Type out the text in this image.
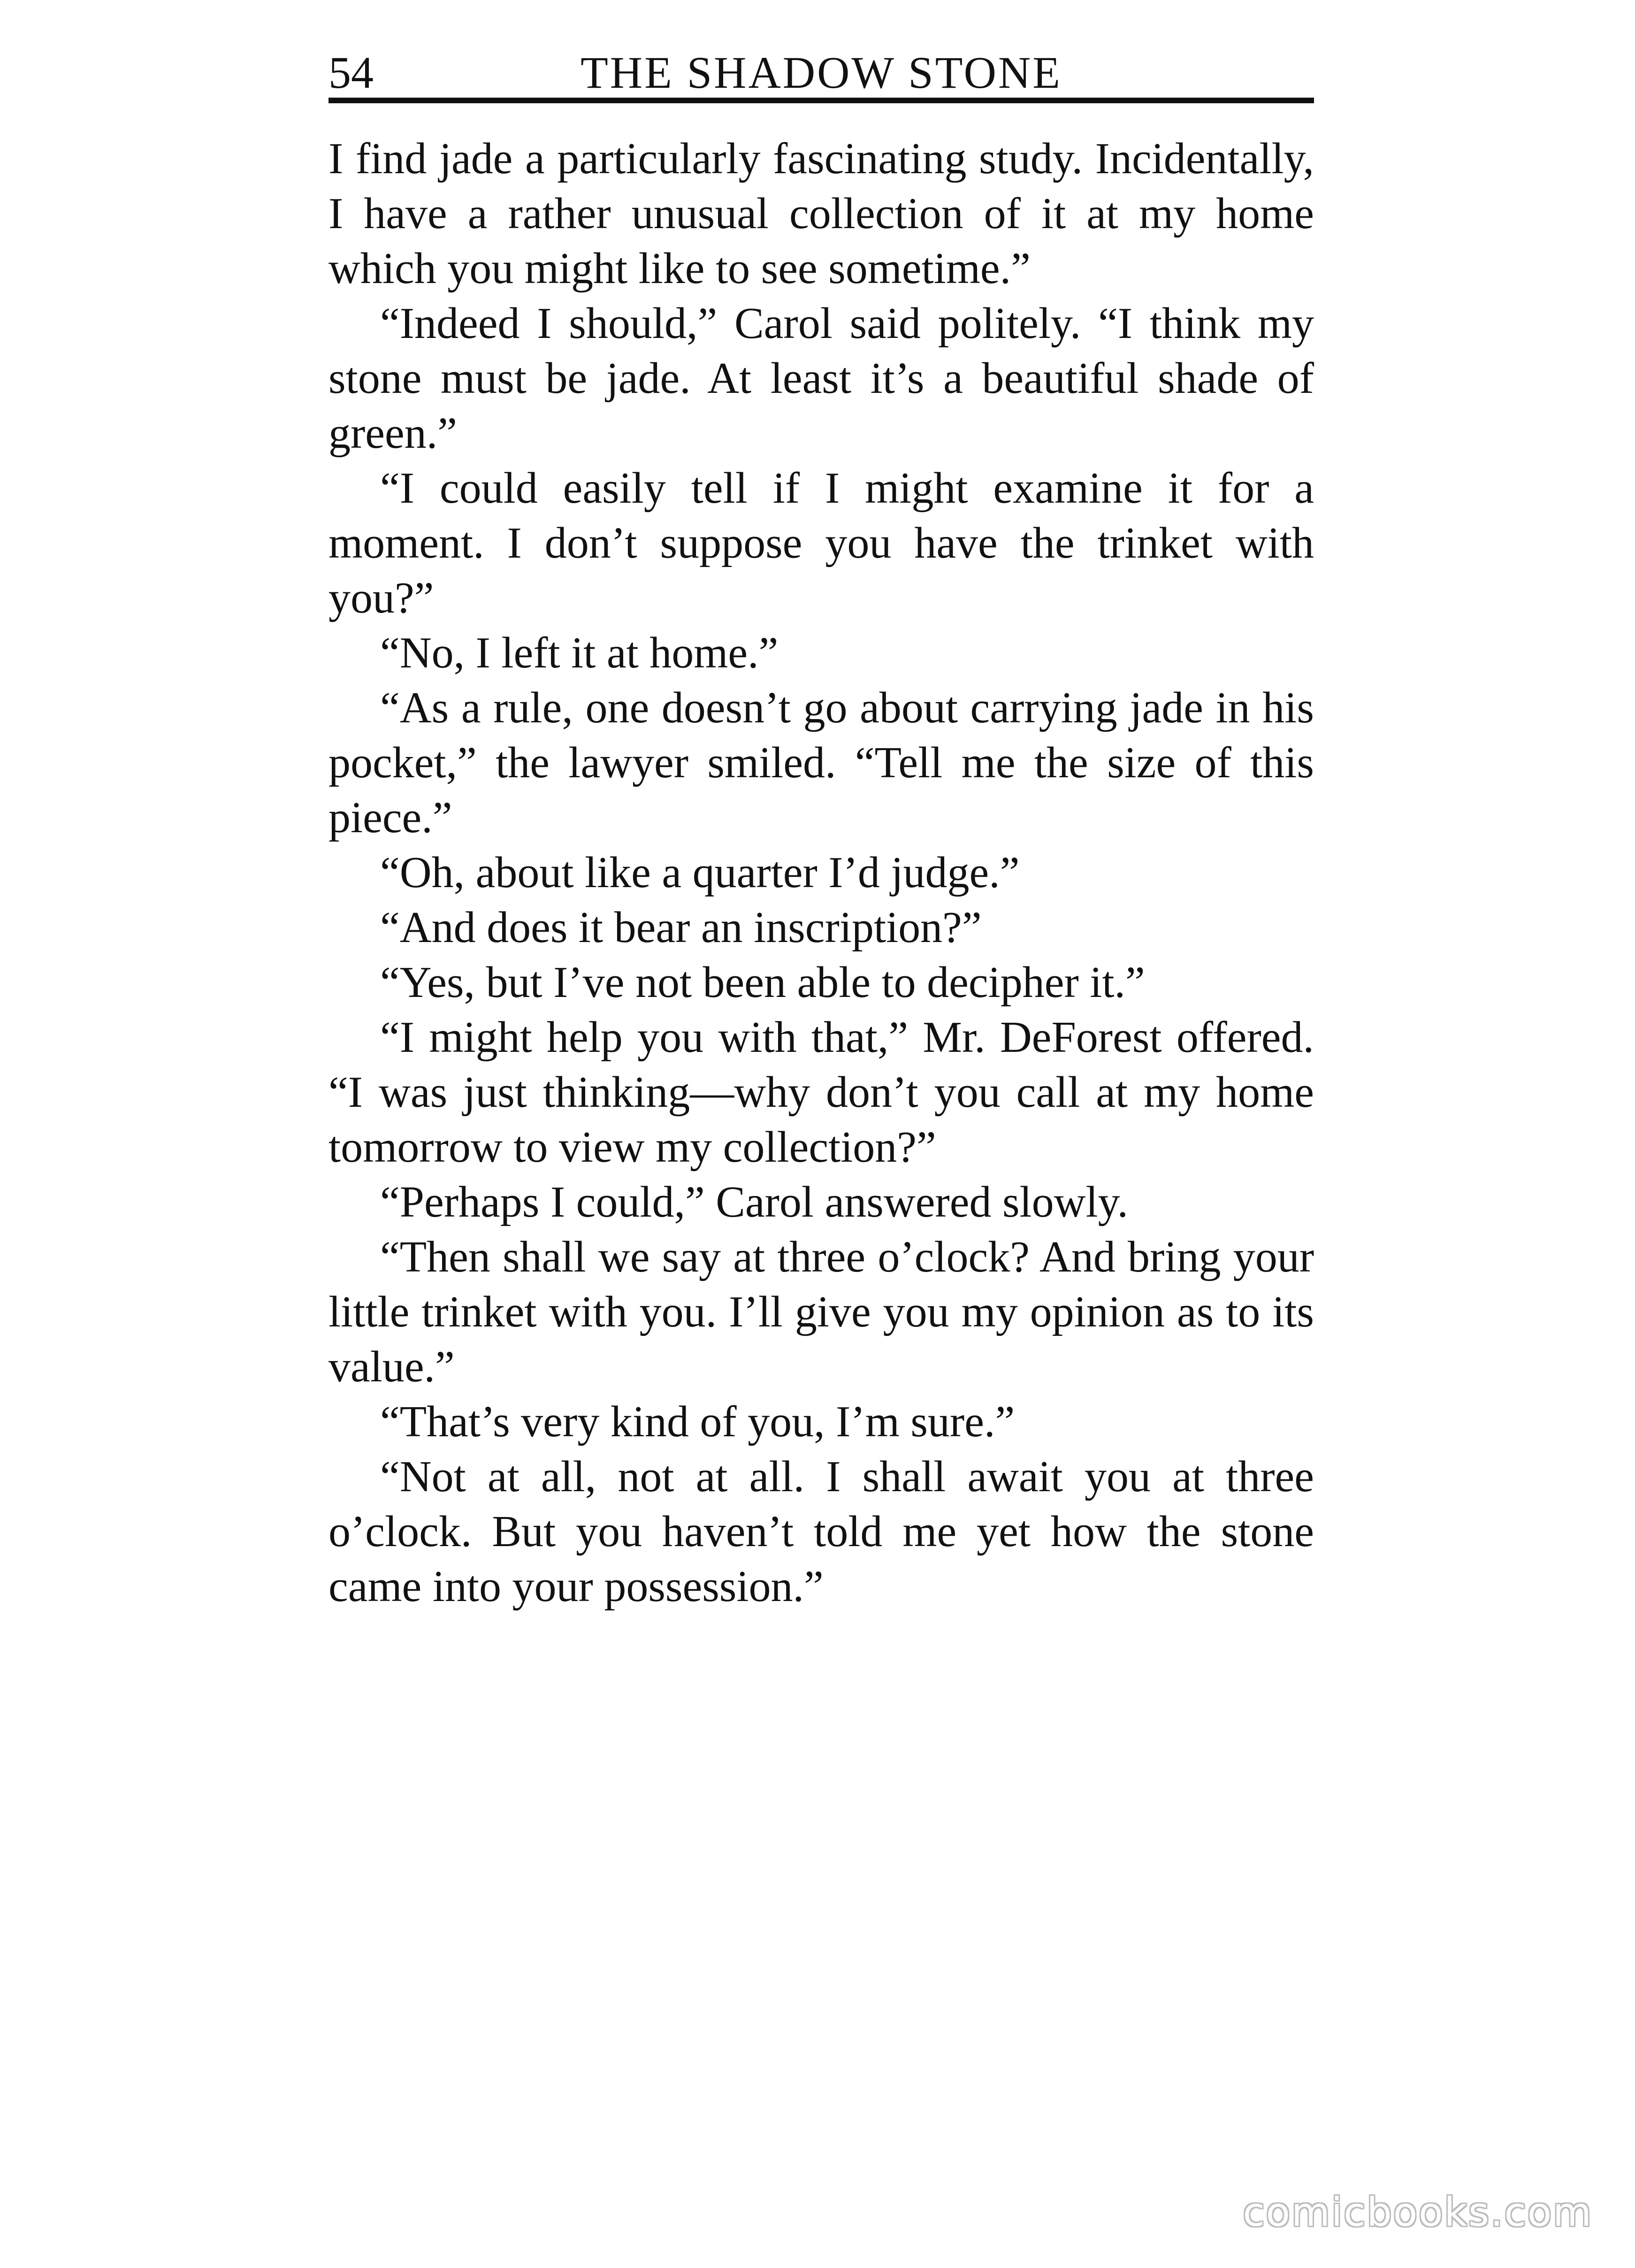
54	THE SHADOW STONE

I find jade a particularly fascinating study. Incidentally, I have a rather unusual collection of it at my home which you might like to see sometime.”

“Indeed I should,” Carol said politely. “I think my stone must be jade. At least it’s a beautiful shade of green.”

“I could easily tell if I might examine it for a moment. I don’t suppose you have the trinket with you?”

“No, I left it at home.”

“As a rule, one doesn’t go about carrying jade in his pocket,” the lawyer smiled. “Tell me the size of this piece.”

“Oh, about like a quarter I’d judge.”

“And does it bear an inscription?”

“Yes, but I’ve not been able to decipher it.”

“I might help you with that,” Mr. DeForest offered. “I was just thinking—why don’t you call at my home tomorrow to view my collection?”

“Perhaps I could,” Carol answered slowly.

“Then shall we say at three o’clock? And bring your little trinket with you. I’ll give you my opinion as to its value.”

“That’s very kind of you, I’m sure.”

“Not at all, not at all. I shall await you at three o’clock. But you haven’t told me yet how the stone came into your possession.”

comicbooks.com
